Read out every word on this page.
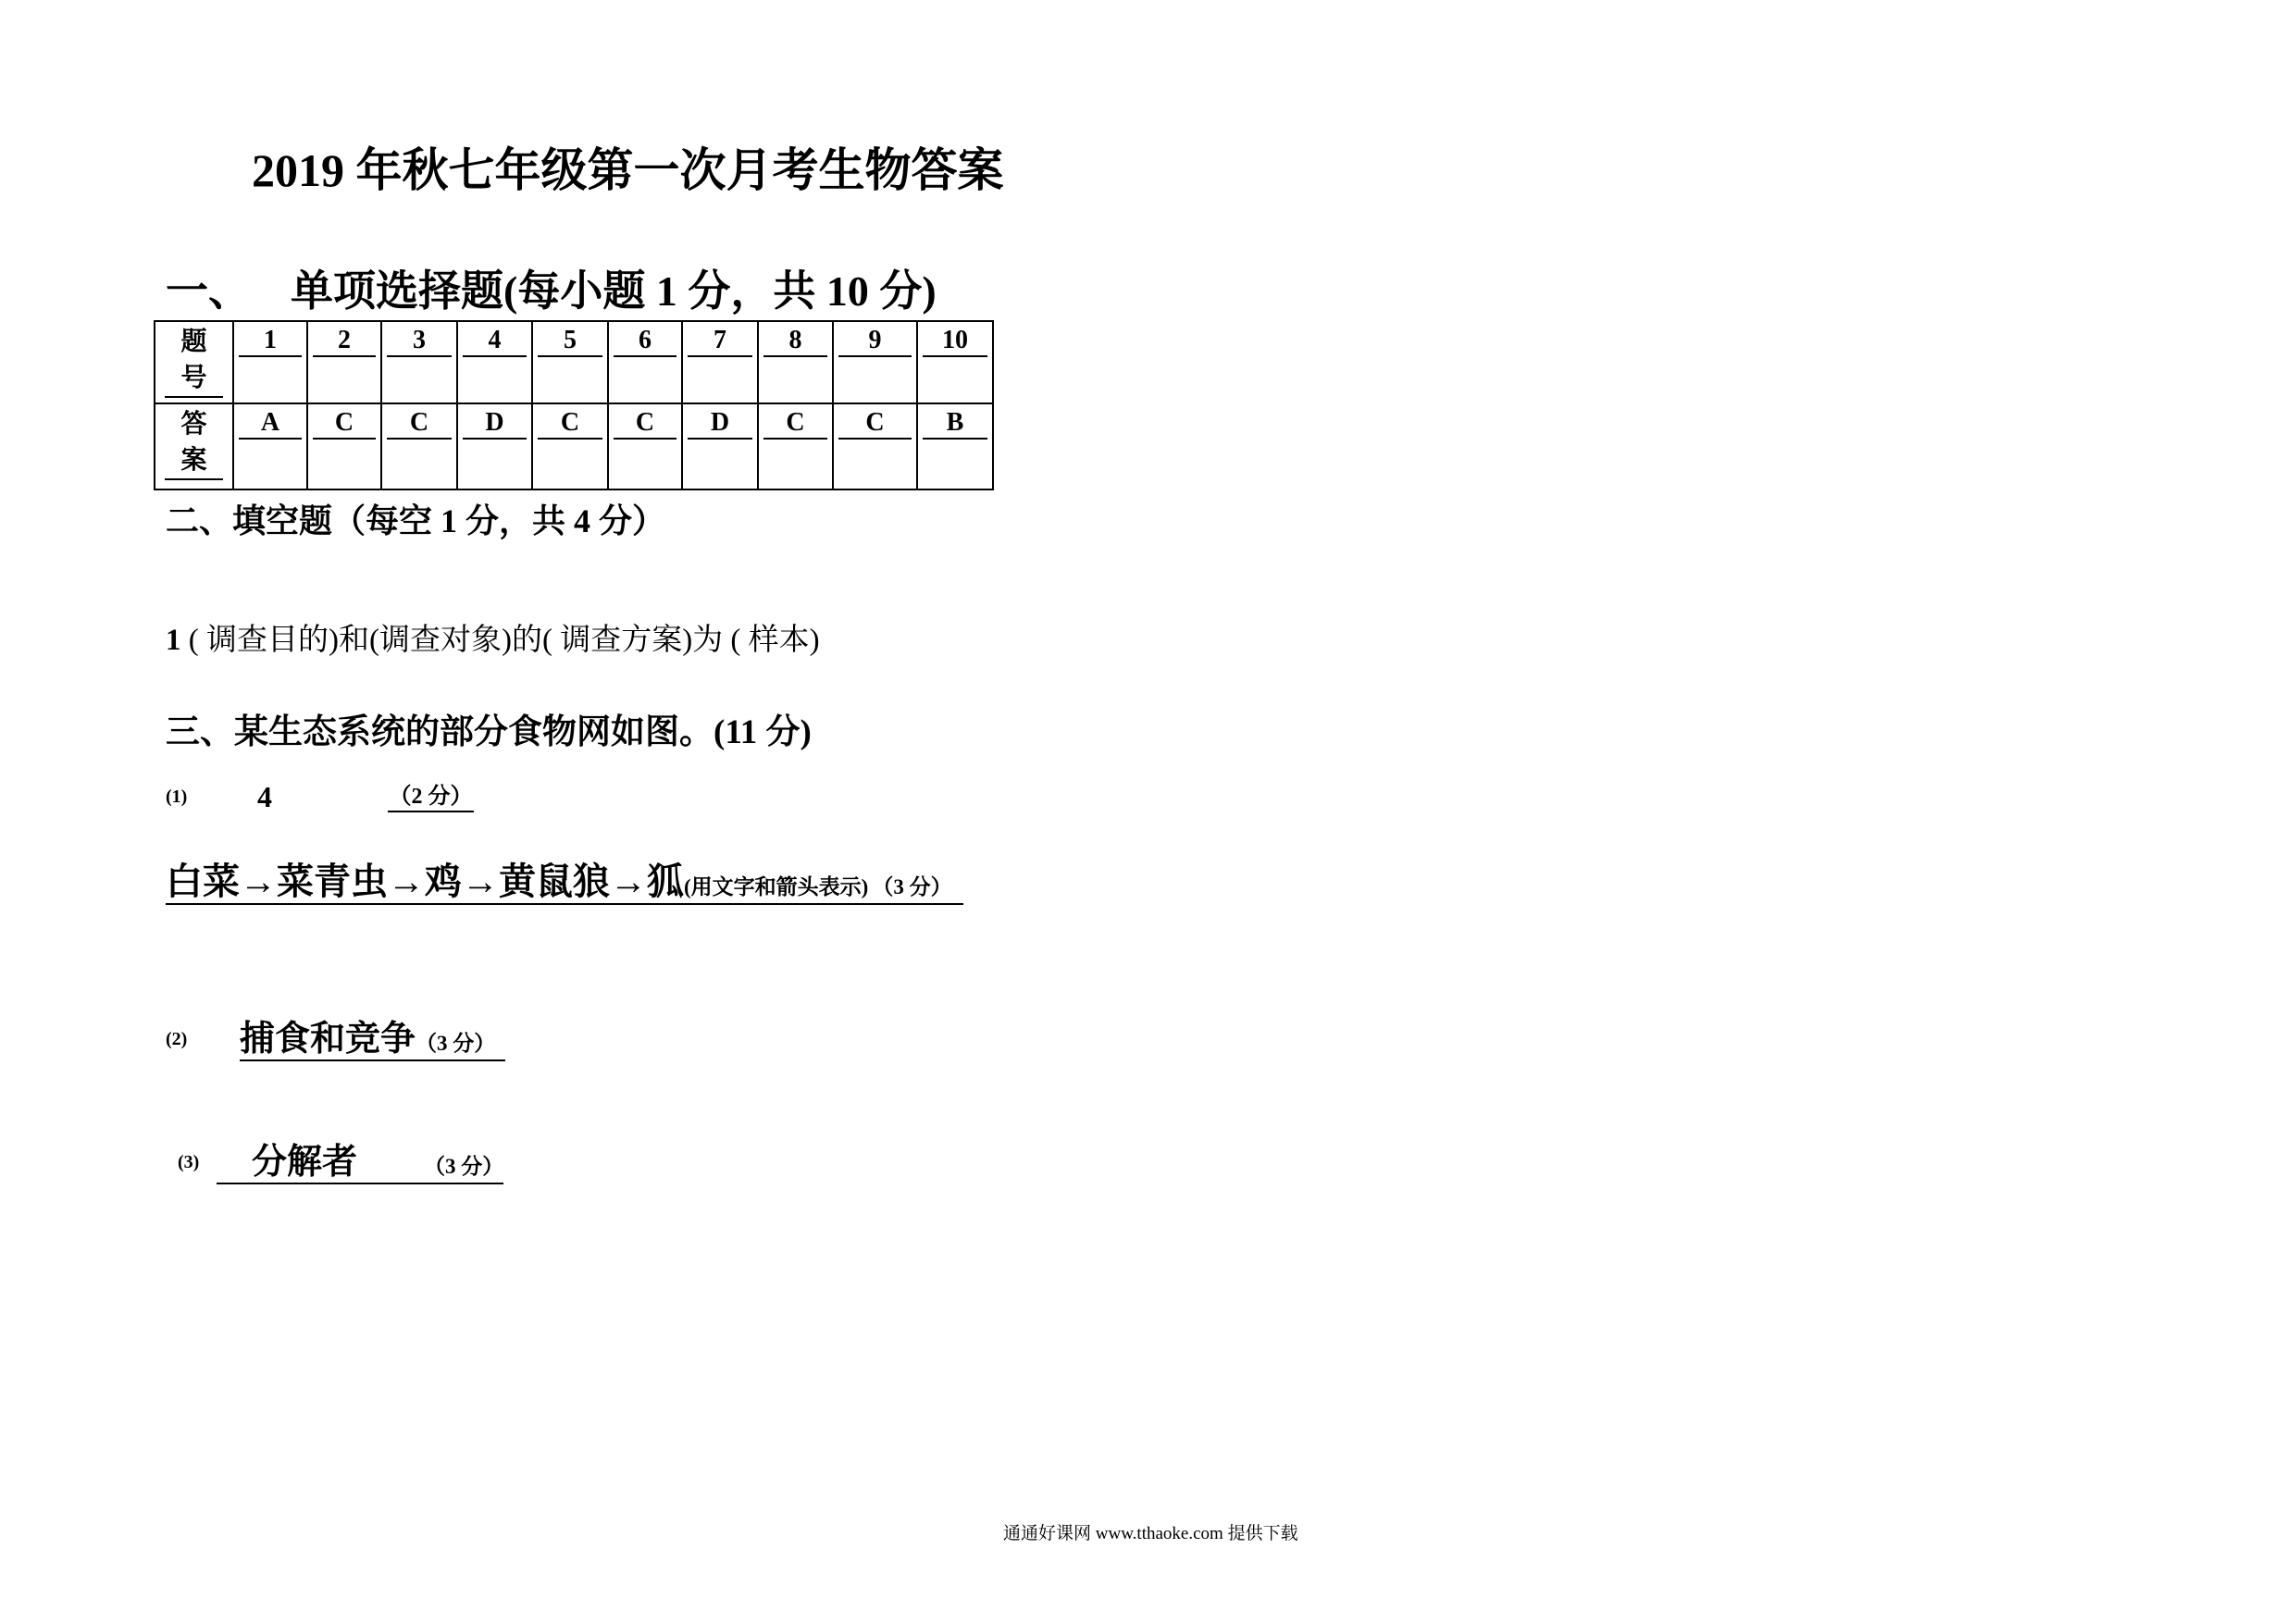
2019 年秋七年级第一次月考生物答案
一、 单项选择题(每小题 1 分，共 10 分)
题
号	1	2	3	4	5	6	7	8	9	10

答
案	A	C	C	D	C	C	D	C	C	B
二、填空题（每空 1 分，共 4 分）
1 ( 调查目的)和(调查对象)的( 调查方案)为 ( 样本)
三、某生态系统的部分食物网如图。(11 分)
(1) 4	（2 分）
白菜→菜青虫→鸡→黄鼠狼→狐(用文字和箭头表示) （3 分）
(2) 捕食和竞争（3 分）
(3)	分解者	（3 分）
通通好课网 www.tthaoke.com 提供下载
